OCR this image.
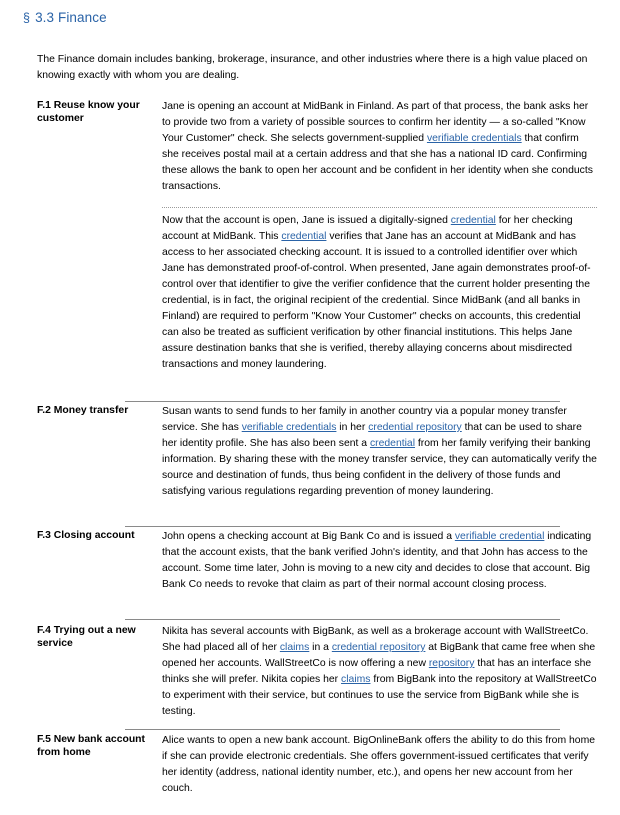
§ 3.3 Finance
The Finance domain includes banking, brokerage, insurance, and other industries where there is a high value placed on knowing exactly with whom you are dealing.
F.1 Reuse know your customer

Jane is opening an account at MidBank in Finland. As part of that process, the bank asks her to provide two from a variety of possible sources to confirm her identity — a so-called "Know Your Customer" check. She selects government-supplied verifiable credentials that confirm she receives postal mail at a certain address and that she has a national ID card. Confirming these allows the bank to open her account and be confident in her identity when she conducts transactions.

Now that the account is open, Jane is issued a digitally-signed credential for her checking account at MidBank. This credential verifies that Jane has an account at MidBank and has access to her associated checking account. It is issued to a controlled identifier over which Jane has demonstrated proof-of-control. When presented, Jane again demonstrates proof-of-control over that identifier to give the verifier confidence that the current holder presenting the credential, is in fact, the original recipient of the credential. Since MidBank (and all banks in Finland) are required to perform "Know Your Customer" checks on accounts, this credential can also be treated as sufficient verification by other financial institutions. This helps Jane assure destination banks that she is verified, thereby allaying concerns about misdirected transactions and money laundering.

F.2 Money transfer	Susan wants to send funds to her family in another country via a popular money transfer service. She has verifiable credentials in her credential repository that can be used to share her identity profile. She has also been sent a credential from her family verifying their banking information. By sharing these with the money transfer service, they can automatically verify the source and destination of funds, thus being confident in the delivery of those funds and satisfying various regulations regarding prevention of money laundering.

F.3 Closing account	John opens a checking account at Big Bank Co and is issued a verifiable credential indicating that the account exists, that the bank verified John's identity, and that John has access to the account. Some time later, John is moving to a new city and decides to close that account. Big Bank Co needs to revoke that claim as part of their normal account closing process.

F.4 Trying out a new service

Nikita has several accounts with BigBank, as well as a brokerage account with WallStreetCo. She had placed all of her claims in a credential repository at BigBank that came free when she opened her accounts. WallStreetCo is now offering a new repository that has an interface she thinks she will prefer. Nikita copies her claims from BigBank into the repository at WallStreetCo to experiment with their service, but continues to use the service from BigBank while she is testing.

F.5 New bank account from home

Alice wants to open a new bank account. BigOnlineBank offers the ability to do this from home if she can provide electronic credentials. She offers government-issued certificates that verify her identity (address, national identity number, etc.), and opens her new account from her couch.
